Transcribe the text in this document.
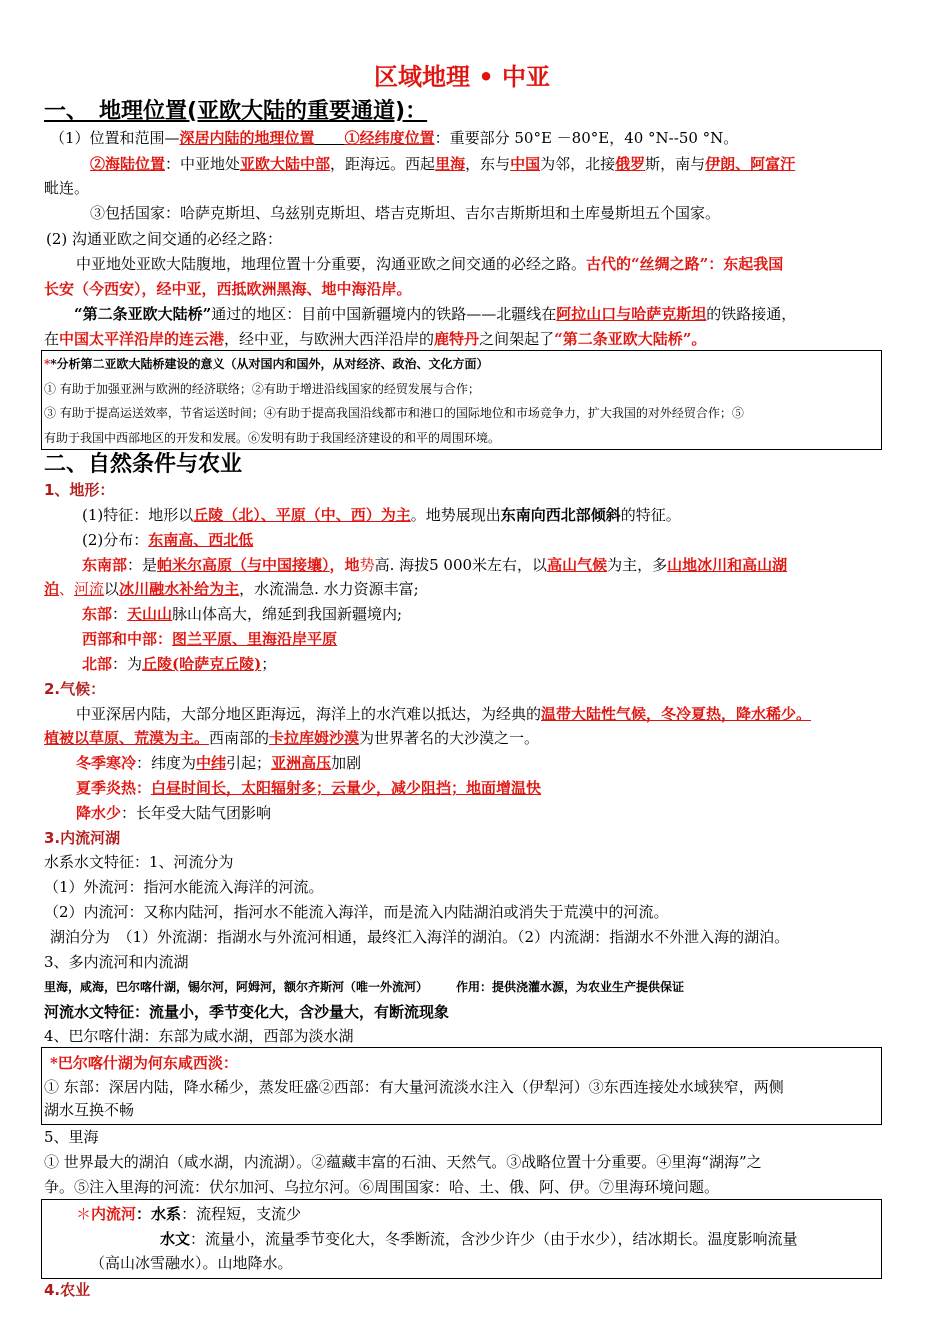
区域地理 • 中亚
一、　地理位置(亚欧大陆的重要通道)：
（1）位置和范围—深居内陆的地理位置　　 ①经纬度位置：重要部分 50°E －80°E，40 °N--50 °N。
②海陆位置：中亚地处亚欧大陆中部，距海远。西起里海，东与中国为邻，北接俄罗斯，南与伊朗、阿富汗
毗连。
③包括国家：哈萨克斯坦、乌兹别克斯坦、塔吉克斯坦、吉尔吉斯斯坦和土库曼斯坦五个国家。
(2) 沟通亚欧之间交通的必经之路：
中亚地处亚欧大陆腹地，地理位置十分重要，沟通亚欧之间交通的必经之路。古代的“丝绸之路”：东起我国
长安（今西安），经中亚，西抵欧洲黑海、地中海沿岸。
“第二条亚欧大陆桥”通过的地区：目前中国新疆境内的铁路——北疆线在阿拉山口与哈萨克斯坦的铁路接通，
在中国太平洋沿岸的连云港，经中亚，与欧洲大西洋沿岸的鹿特丹之间架起了“第二条亚欧大陆桥”。
**分析第二亚欧大陆桥建设的意义（从对国内和国外，从对经济、政治、文化方面）
① 有助于加强亚洲与欧洲的经济联络；②有助于增进沿线国家的经贸发展与合作；
③ 有助于提高运送效率，节省运送时间；④有助于提高我国沿线都市和港口的国际地位和市场竞争力，扩大我国的对外经贸合作；⑤
有助于我国中西部地区的开发和发展。⑥发明有助于我国经济建设的和平的周围环境。
二、自然条件与农业
1、地形：
(1)特征：地形以丘陵（北）、平原（中、西）为主。地势展现出东南向西北部倾斜的特征。
(2)分布：东南高、西北低
东南部：是帕米尔高原（与中国接壤），地势高. 海拔5 000米左右，以高山气候为主，多山地冰川和高山湖
泊、河流以冰川融水补给为主，水流湍急. 水力资源丰富;
东部：天山山脉山体高大，绵延到我国新疆境内;
西部和中部：图兰平原、里海沿岸平原
北部：为丘陵(哈萨克丘陵)；
2.气候：
中亚深居内陆，大部分地区距海远，海洋上的水汽难以抵达，为经典的温带大陆性气候，冬冷夏热，降水稀少。
植被以草原、荒漠为主。西南部的卡拉库姆沙漠为世界著名的大沙漠之一。
冬季寒冷：纬度为中纬引起；亚洲高压加剧
夏季炎热：白昼时间长，太阳辐射多；云量少，减少阻挡；地面增温快
降水少：长年受大陆气团影响
3.内流河湖
水系水文特征：1、河流分为
（1）外流河：指河水能流入海洋的河流。
（2）内流河：又称内陆河，指河水不能流入海洋，而是流入内陆湖泊或消失于荒漠中的河流。
湖泊分为　（1）外流湖：指湖水与外流河相通，最终汇入海洋的湖泊。（2）内流湖：指湖水不外泄入海的湖泊。
3、多内流河和内流湖
里海，咸海，巴尔喀什湖，锡尔河，阿姆河，额尔齐斯河（唯一外流河） 作用：提供浇灌水源，为农业生产提供保证
河流水文特征：流量小，季节变化大，含沙量大，有断流现象
4、巴尔喀什湖：东部为咸水湖，西部为淡水湖
*巴尔喀什湖为何东咸西淡：
① 东部：深居内陆，降水稀少，蒸发旺盛②西部：有大量河流淡水注入（伊犁河）③东西连接处水域狭窄，两侧
湖水互换不畅
5、里海
① 世界最大的湖泊（咸水湖，内流湖）。②蕴藏丰富的石油、天然气。③战略位置十分重要。④里海“湖海”之
争。⑤注入里海的河流：伏尔加河、乌拉尔河。⑥周围国家：哈、土、俄、阿、伊。⑦里海环境问题。
＊内流河：水系：流程短，支流少
水文：流量小，流量季节变化大，冬季断流，含沙少许少（由于水少），结冰期长。温度影响流量
（高山冰雪融水）。山地降水。
4.农业
